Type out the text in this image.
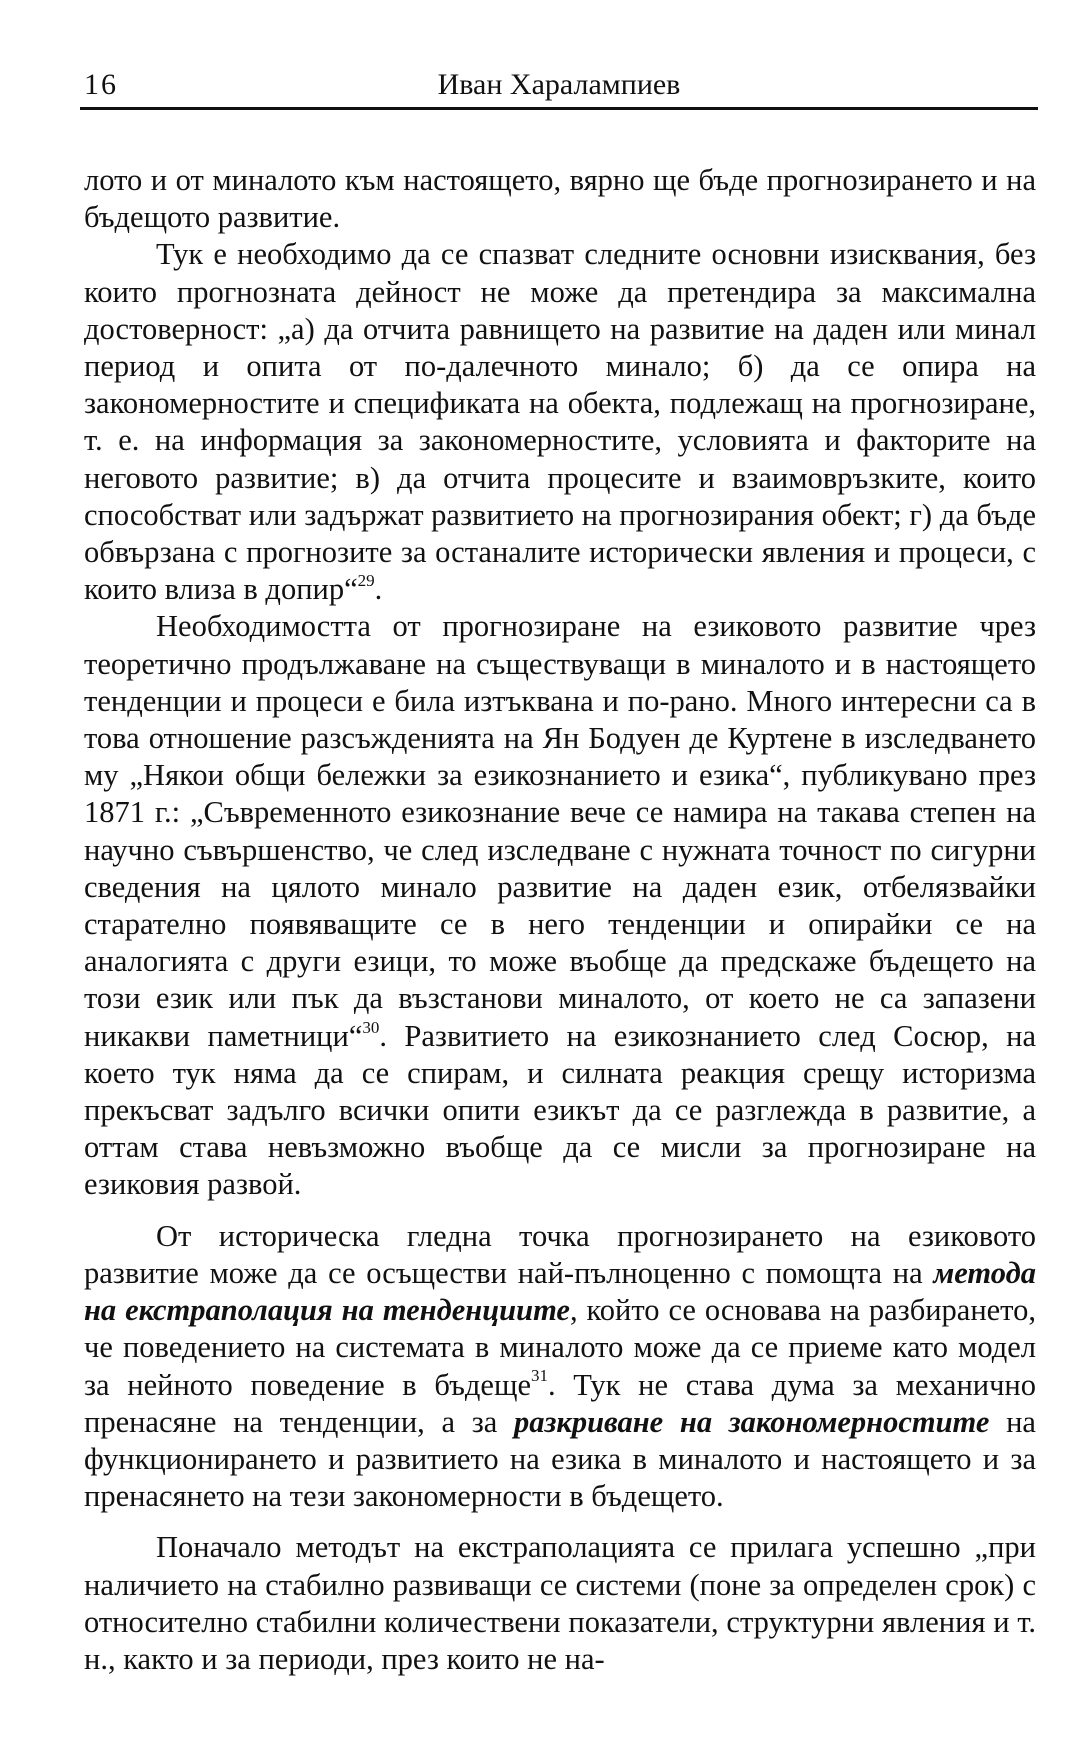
16	Иван Харалампиев

лото и от миналото към настоящето, вярно ще бъде прогнозирането и на бъдещото развитие.

Тук е необходимо да се спазват следните основни изисквания, без които прогнозната дейност не може да претендира за максимална достоверност: „а) да отчита равнището на развитие на даден или минал период и опита от по-далечното минало; б) да се опира на закономерностите и спецификата на обекта, подлежащ на прогнозиране, т. е. на информация за закономерностите, условията и факторите на неговото развитие; в) да отчита процесите и взаимовръзките, които способстват или задържат развитието на прогнозирания обект; г) да бъде обвързана с прогнозите за останалите исторически явления и процеси, с които влиза в допир“$^{29}$.

Необходимостта от прогнозиране на езиковото развитие чрез теоретично продължаване на съществуващи в миналото и в настоящето тенденции и процеси е била изтъквана и по-рано. Много интересни са в това отношение разсъжденията на Ян Бодуен де Куртене в изследването му „Някои общи бележки за езикознанието и езика“, публикувано през 1871 г.: „Съвременното езикознание вече се намира на такава степен на научно съвършенство, че след изследване с нужната точност по сигурни сведения на цялото минало развитие на даден език, отбелязвайки старателно появяващите се в него тенденции и опирайки се на аналогията с други езици, то може въобще да предскаже бъдещето на този език или пък да възстанови миналото, от което не са запазени никакви паметници“$^{30}$. Развитието на езикознанието след Сосюр, на което тук няма да се спирам, и силната реакция срещу историзма прекъсват задълго всички опити езикът да се разглежда в развитие, а оттам става невъзможно въобще да се мисли за прогнозиране на езиковия развой.

От историческа гледна точка прогнозирането на езиковото развитие може да се осъществи най-пълноценно с помощта на метода на екстраполация на тенденциите, който се основава на разбирането, че поведението на системата в миналото може да се приеме като модел за нейното поведение в бъдеще$^{31}$. Тук не става дума за механично пренасяне на тенденции, а за разкриване на закономерностите на функционирането и развитието на езика в миналото и настоящето и за пренасянето на тези закономерности в бъдещето.

Поначало методът на екстраполацията се прилага успешно „при наличието на стабилно развиващи се системи (поне за определен срок) с относително стабилни количествени показатели, структурни явления и т. н., както и за периоди, през които не на-
